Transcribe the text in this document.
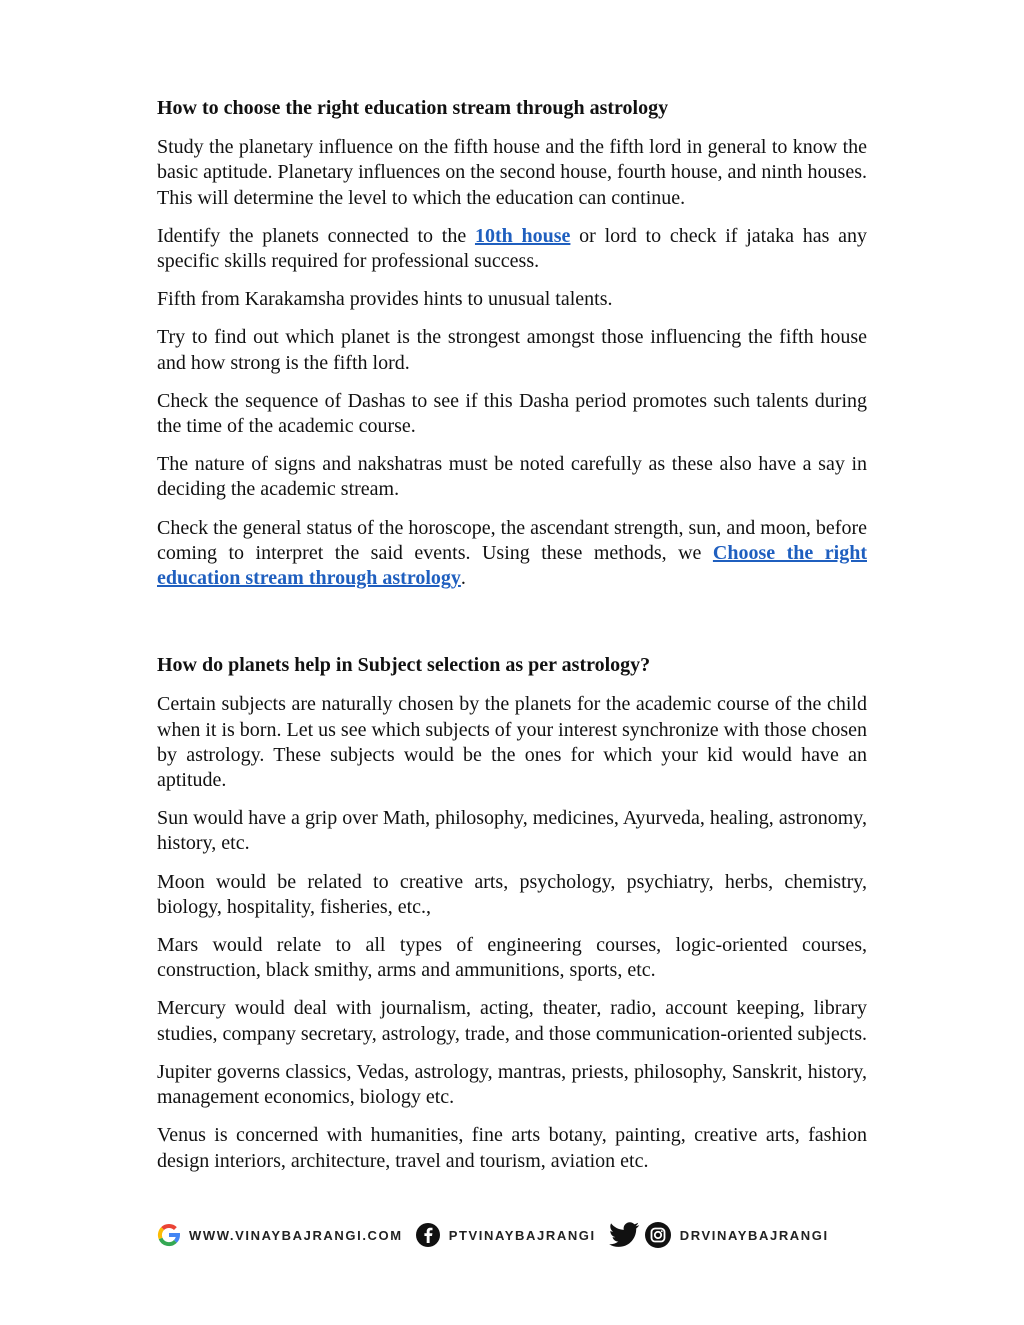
How to choose the right education stream through astrology

Study the planetary influence on the fifth house and the fifth lord in general to know the basic aptitude. Planetary influences on the second house, fourth house, and ninth houses. This will determine the level to which the education can continue.

Identify the planets connected to the 10th house or lord to check if jataka has any specific skills required for professional success.

Fifth from Karakamsha provides hints to unusual talents.

Try to find out which planet is the strongest amongst those influencing the fifth house and how strong is the fifth lord.

Check the sequence of Dashas to see if this Dasha period promotes such talents during the time of the academic course.

The nature of signs and nakshatras must be noted carefully as these also have a say in deciding the academic stream.

Check the general status of the horoscope, the ascendant strength, sun, and moon, before coming to interpret the said events. Using these methods, we Choose the right education stream through astrology.

How do planets help in Subject selection as per astrology?

Certain subjects are naturally chosen by the planets for the academic course of the child when it is born. Let us see which subjects of your interest synchronize with those chosen by astrology. These subjects would be the ones for which your kid would have an aptitude.

Sun would have a grip over Math, philosophy, medicines, Ayurveda, healing, astronomy, history, etc.

Moon would be related to creative arts, psychology, psychiatry, herbs, chemistry, biology, hospitality, fisheries, etc.,

Mars would relate to all types of engineering courses, logic-oriented courses, construction, black smithy, arms and ammunitions, sports, etc.

Mercury would deal with journalism, acting, theater, radio, account keeping, library studies, company secretary, astrology, trade, and those communication-oriented subjects.

Jupiter governs classics, Vedas, astrology, mantras, priests, philosophy, Sanskrit, history, management economics, biology etc.

Venus is concerned with humanities, fine arts botany, painting, creative arts, fashion design interiors, architecture, travel and tourism, aviation etc.

WWW.VINAYBAJRANGI.COM	PTVINAYBAJRANGI	DRVINAYBAJRANGI
